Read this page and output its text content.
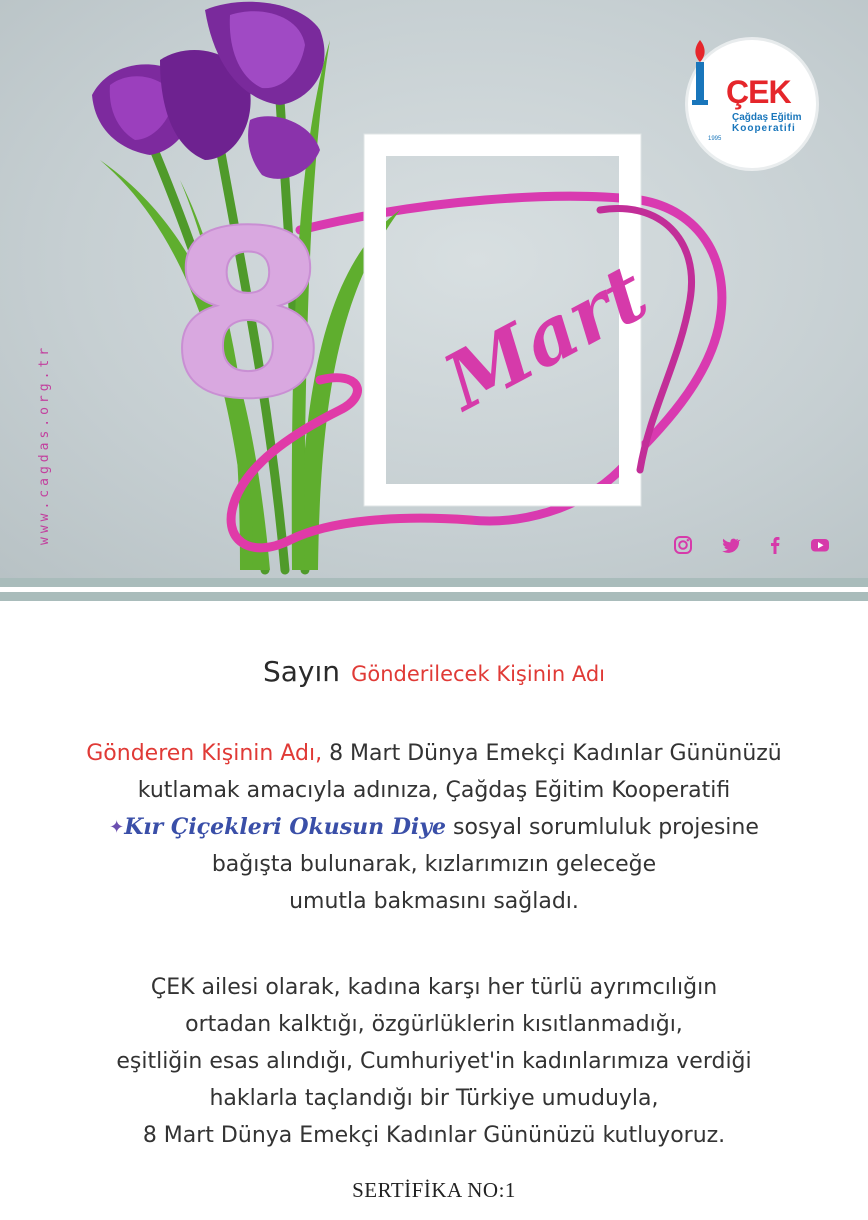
8 Mart
www.cagdas.org.tr
ÇEK
Çağdaş Eğitim
Kooperatifi
1995
Sayın Gönderilecek Kişinin Adı
Gönderen Kişinin Adı, 8 Mart Dünya Emekçi Kadınlar Gününüzü
kutlamak amacıyla adınıza, Çağdaş Eğitim Kooperatifi
✦Kır Çiçekleri Okusun Diye sosyal sorumluluk projesine
bağışta bulunarak, kızlarımızın geleceğe
umutla bakmasını sağladı.
ÇEK ailesi olarak, kadına karşı her türlü ayrımcılığın
ortadan kalktığı, özgürlüklerin kısıtlanmadığı,
eşitliğin esas alındığı, Cumhuriyet'in kadınlarımıza verdiği
haklarla taçlandığı bir Türkiye umuduyla,
8 Mart Dünya Emekçi Kadınlar Gününüzü kutluyoruz.
SERTİFİKA NO:1
